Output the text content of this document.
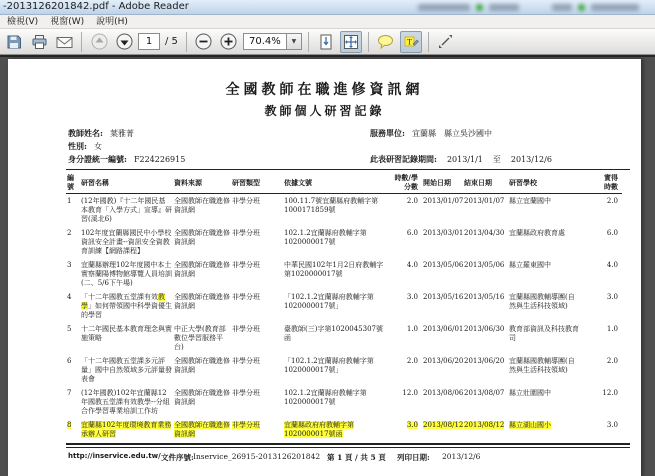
-2013126201842.pdf - Adobe Reader
檢視(V)	視窗(W)	說明(H)
1	/ 5	70.4%	▼	T
全國教師在職進修資訊網
教師個人研習記錄
教師姓名: 葉雅菁	服務單位: 宜蘭縣　縣立吳沙國中
性別: 女
身分證統一編號: F224226915	此表研習記錄期間: 2013/1/1 至 2013/12/6
編號	研習名稱	資料來源	研習類型	依據文號	時數/學分數	開始日期	結束日期	研習學校	實得時數
1	(12年國教)『十二年國民基本教育「入學方式」宣導』研習(溪北6)	全國教師在職進修資訊網	非學分班	100.11.7號宜蘭縣府教輔字第1000171859號	2.0	2013/01/07	2013/01/07	縣立宜蘭國中	2.0
2	102年度宜蘭縣國民中小學校資訊安全計畫--資訊安全資教育訓練【網路課程】	全國教師在職進修資訊網	非學分班	102.1.2宜蘭縣府教輔字第1020000017號	6.0	2013/03/01	2013/04/30	宜蘭縣政府教育處	6.0
3	宜蘭縣辦理102年度國中本土實察蘭陽博物館導覽人員培訓(二、5/6下午場)	全國教師在職進修資訊網	非學分班	中華民國102年1月2日府教輔字第1020000017號	4.0	2013/05/06	2013/05/06	縣立羅東國中	4.0
4	「十二年國教五堂課有效教學」如何帶領國中科學資優生的學習	全國教師在職進修資訊網	非學分班	「102.1.2宜蘭縣府教輔字第1020000017號」	3.0	2013/05/16	2013/05/16	宜蘭縣國教輔導團(自然與生活科技領域)	3.0
5	十二年國民基本教育理念與實施策略	中正大學(教育部數位學習服務平台)	非學分班	臺教師(三)字第1020045307號函	1.0	2013/06/01	2013/06/30	教育部資訊及科技教育司	1.0
6	「十二年國教五堂課多元評量」國中自然領域多元評量發表會	全國教師在職進修資訊網	非學分班	「102.1.2宜蘭縣府教輔字第1020000017號」	2.0	2013/06/20	2013/06/20	宜蘭縣國教輔導團(自然與生活科技領域)	2.0
7	(12年國教)102年宜蘭縣12年國教五堂課有效教學--分組合作學習專業培訓工作坊	全國教師在職進修資訊網	非學分班	102.1.2宜蘭縣府教輔字第1020000017號	12.0	2013/08/06	2013/08/07	縣立壯圍國中	12.0
8	宜蘭縣102年度環境教育業務承辦人研習	全國教師在職進修資訊網	非學分班	宜蘭縣政府府教輔字第1020000017號函	3.0	2013/08/12	2013/08/12	縣立湖山國小	3.0
http://inservice.edu.tw/ 文件序號: Inservice_26915-2013126201842 第 1 頁 / 共 5 頁 列印日期: 2013/12/6
